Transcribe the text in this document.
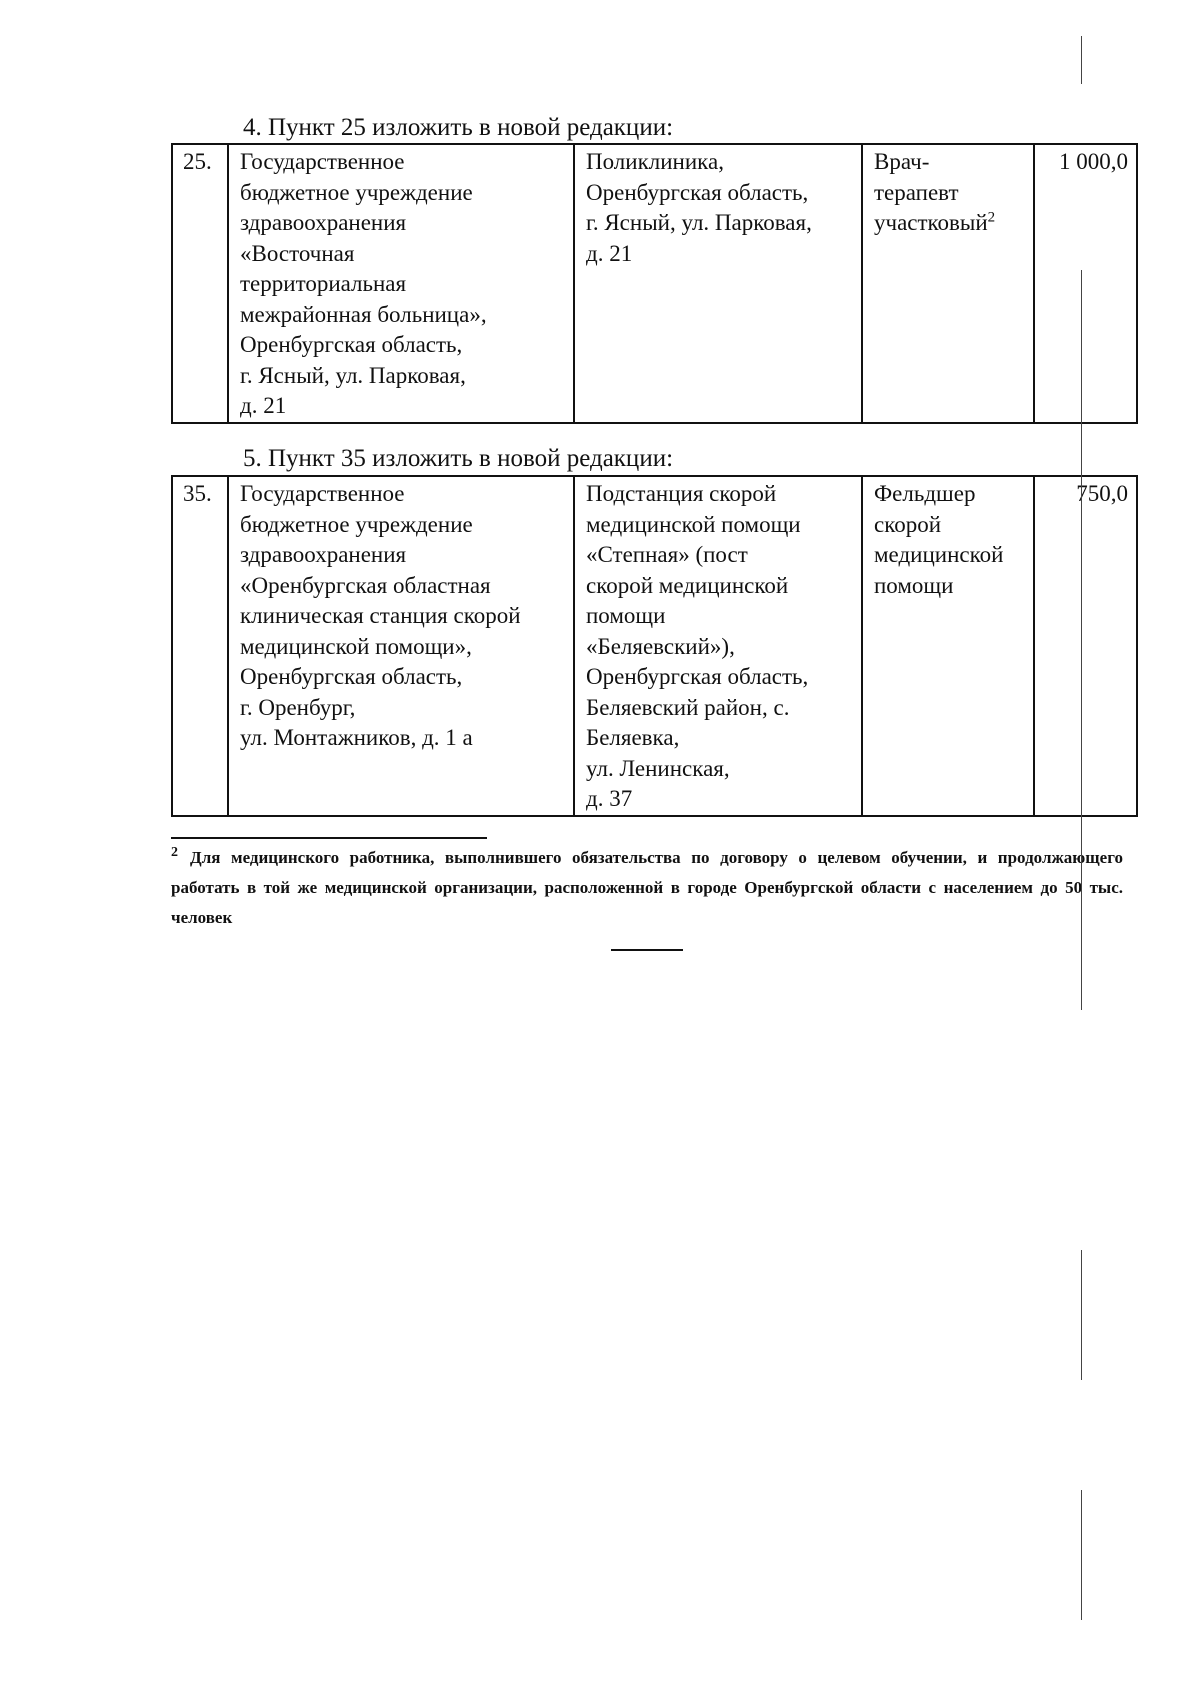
4. Пункт 25 изложить в новой редакции:
25.	Государственное
бюджетное учреждение
здравоохранения
«Восточная
территориальная
межрайонная больница»,
Оренбургская область,
г. Ясный, ул. Парковая,
д. 21	Поликлиника,
Оренбургская область,
г. Ясный, ул. Парковая,
д. 21	Врач-
терапевт
участковый$^2$	1 000,0
5. Пункт 35 изложить в новой редакции:
35.	Государственное
бюджетное учреждение
здравоохранения
«Оренбургская областная
клиническая станция скорой
медицинской помощи»,
Оренбургская область,
г. Оренбург,
ул. Монтажников, д. 1 а	Подстанция скорой
медицинской помощи
«Степная» (пост
скорой медицинской
помощи
«Беляевский»),
Оренбургская область,
Беляевский район, с.
Беляевка,
ул. Ленинская,
д. 37	Фельдшер
скорой
медицинской
помощи	750,0
$^2$ Для медицинского работника, выполнившего обязательства по договору о целевом обучении, и продолжающего работать в той же медицинской организации, расположенной в городе Оренбургской области с населением до 50 тыс. человек
